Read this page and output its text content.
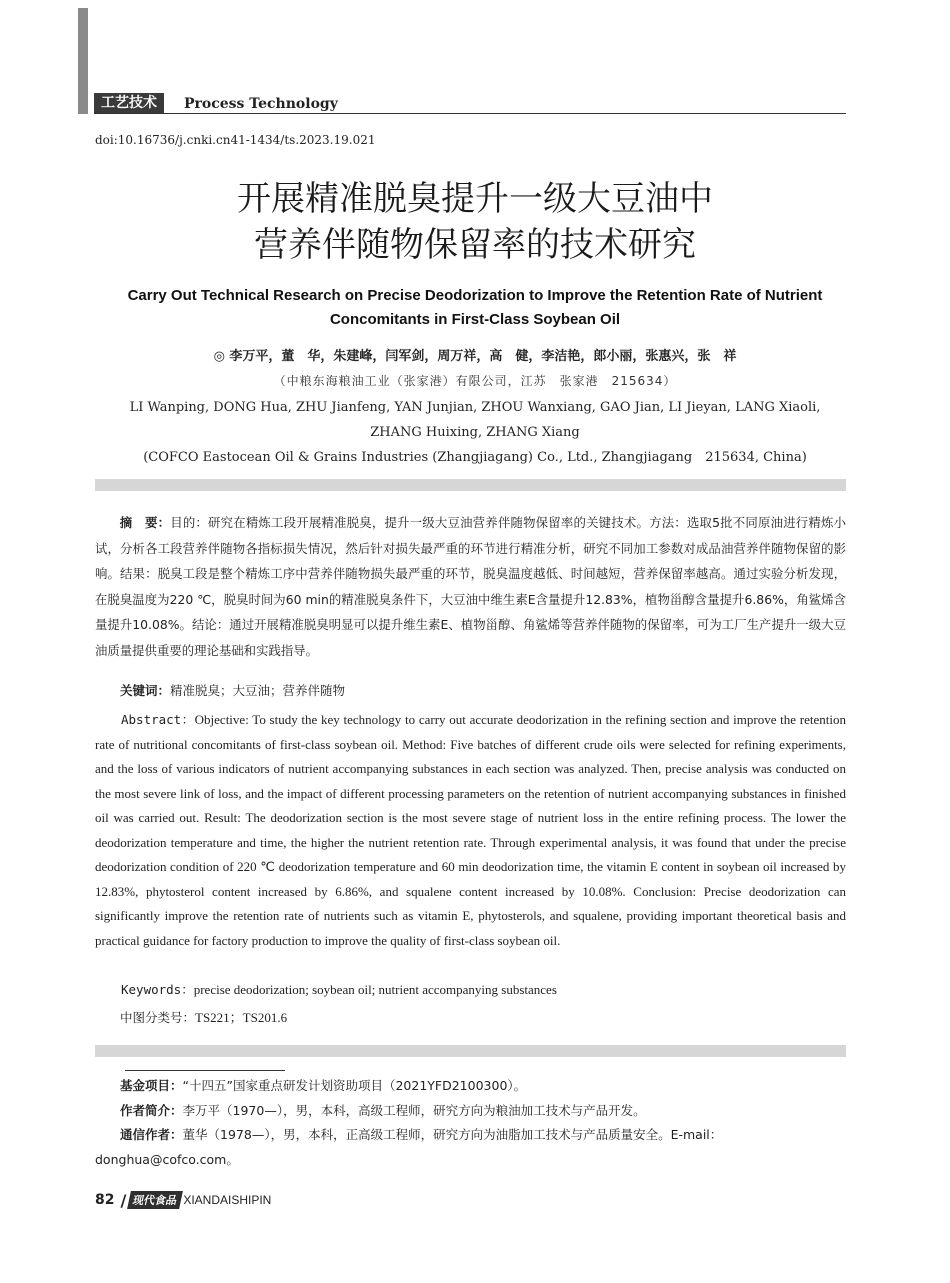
工艺技术	Process Technology
doi:10.16736/j.cnki.cn41-1434/ts.2023.19.021
开展精准脱臭提升一级大豆油中
营养伴随物保留率的技术研究
Carry Out Technical Research on Precise Deodorization to Improve the Retention Rate of Nutrient
Concomitants in First-Class Soybean Oil
◎ 李万平，董　华，朱建峰，闫军剑，周万祥，高　健，李洁艳，郎小丽，张惠兴，张　祥
（中粮东海粮油工业（张家港）有限公司，江苏　张家港　215634）
LI Wanping, DONG Hua, ZHU Jianfeng, YAN Junjian, ZHOU Wanxiang, GAO Jian, LI Jieyan, LANG Xiaoli, ZHANG Huixing, ZHANG Xiang
(COFCO Eastocean Oil & Grains Industries (Zhangjiagang) Co., Ltd., Zhangjiagang　215634, China)
摘　要：目的：研究在精炼工段开展精准脱臭，提升一级大豆油营养伴随物保留率的关键技术。方法：选取5批不同原油进行精炼小试，分析各工段营养伴随物各指标损失情况，然后针对损失最严重的环节进行精准分析，研究不同加工参数对成品油营养伴随物保留的影响。结果：脱臭工段是整个精炼工序中营养伴随物损失最严重的环节，脱臭温度越低、时间越短，营养保留率越高。通过实验分析发现，在脱臭温度为220 ℃，脱臭时间为60 min的精准脱臭条件下，大豆油中维生素E含量提升12.83%，植物甾醇含量提升6.86%，角鲨烯含量提升10.08%。结论：通过开展精准脱臭明显可以提升维生素E、植物甾醇、角鲨烯等营养伴随物的保留率，可为工厂生产提升一级大豆油质量提供重要的理论基础和实践指导。
关键词：精准脱臭；大豆油；营养伴随物
Abstract：Objective: To study the key technology to carry out accurate deodorization in the refining section and improve the retention rate of nutritional concomitants of first-class soybean oil. Method: Five batches of different crude oils were selected for refining experiments, and the loss of various indicators of nutrient accompanying substances in each section was analyzed. Then, precise analysis was conducted on the most severe link of loss, and the impact of different processing parameters on the retention of nutrient accompanying substances in finished oil was carried out. Result: The deodorization section is the most severe stage of nutrient loss in the entire refining process. The lower the deodorization temperature and time, the higher the nutrient retention rate. Through experimental analysis, it was found that under the precise deodorization condition of 220 ℃ deodorization temperature and 60 min deodorization time, the vitamin E content in soybean oil increased by 12.83%, phytosterol content increased by 6.86%, and squalene content increased by 10.08%. Conclusion: Precise deodorization can significantly improve the retention rate of nutrients such as vitamin E, phytosterols, and squalene, providing important theoretical basis and practical guidance for factory production to improve the quality of first-class soybean oil.
Keywords：precise deodorization; soybean oil; nutrient accompanying substances
中图分类号：TS221；TS201.6

基金项目：“十四五”国家重点研发计划资助项目（2021YFD2100300）。

作者简介：李万平（1970—），男，本科，高级工程师，研究方向为粮油加工技术与产品开发。

通信作者：董华（1978—），男，本科，正高级工程师，研究方向为油脂加工技术与产品质量安全。E-mail：donghua@cofco.com。

82 / 现代食品 XIANDAISHIPIN
